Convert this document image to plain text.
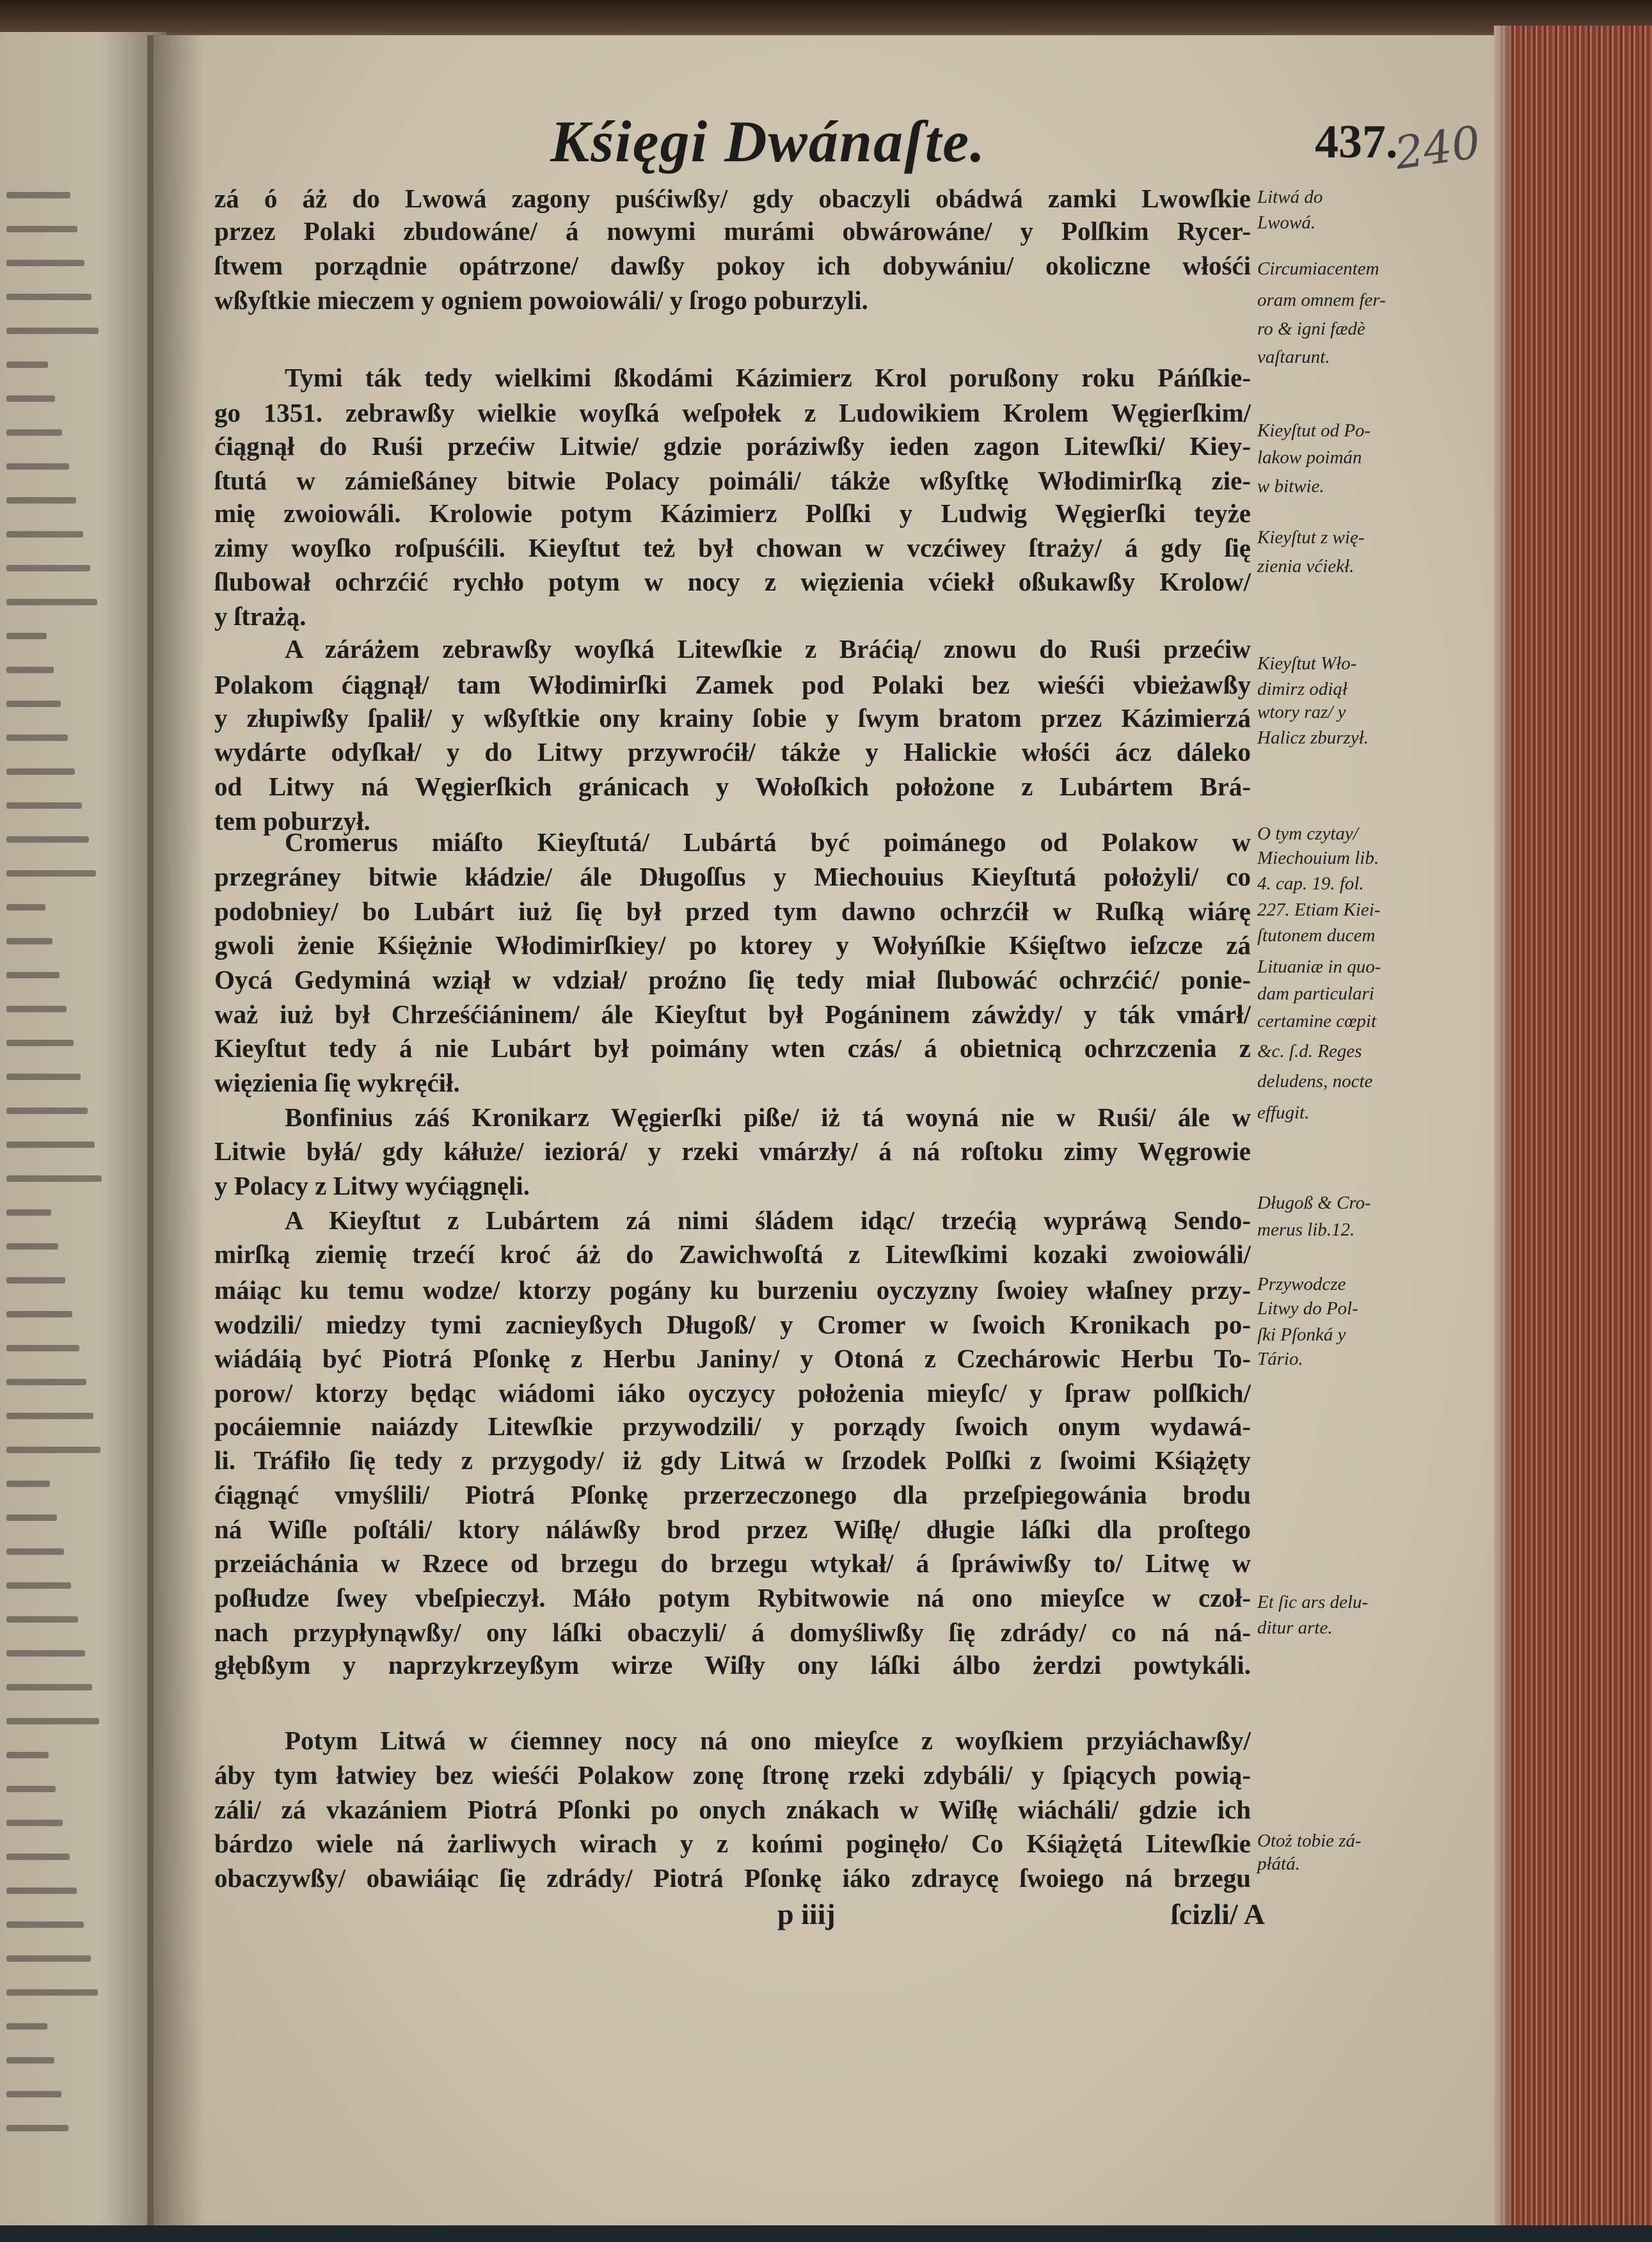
Kśięgi Dwánaſte.	437.
240
zá ó áż do Lwowá zagony puśćiwßy/ gdy obaczyli obádwá zamki Lwowſkie
przez Polaki zbudowáne/ á nowymi murámi obwárowáne/ y Polſkim Rycer-
ſtwem porządnie opátrzone/ dawßy pokoy ich dobywániu/ okoliczne włośći
wßyſtkie mieczem y ogniem powoiowáli/ y ſrogo poburzyli.
Tymi ták tedy wielkimi ßkodámi Kázimierz Krol porußony roku Páńſkie-
go 1351. zebrawßy wielkie woyſká weſpołek z Ludowikiem Krolem Węgierſkim/
ćiągnął do Ruśi przećiw Litwie/ gdzie poráziwßy ieden zagon Litewſki/ Kiey-
ſtutá w zámießáney bitwie Polacy poimáli/ tákże wßyſtkę Włodimirſką zie-
mię zwoiowáli. Krolowie potym Kázimierz Polſki y Ludwig Węgierſki teyże
zimy woyſko roſpuśćili. Kieyſtut też był chowan w vczćiwey ſtraży/ á gdy ſię
ſlubował ochrzćić rychło potym w nocy z więzienia vćiekł oßukawßy Krolow/
y ſtrażą.
A záráżem zebrawßy woyſká Litewſkie z Bráćią/ znowu do Ruśi przećiw
Polakom ćiągnął/ tam Włodimirſki Zamek pod Polaki bez wieśći vbieżawßy
y złupiwßy ſpalił/ y wßyſtkie ony krainy ſobie y ſwym bratom przez Kázimierzá
wydárte odyſkał/ y do Litwy przywroćił/ tákże y Halickie włośći ácz dáleko
od Litwy ná Węgierſkich gránicach y Wołoſkich położone z Lubártem Brá-
tem poburzył.
Cromerus miáſto Kieyſtutá/ Lubártá być poimánego od Polakow w
przegráney bitwie kłádzie/ ále Długoſſus y Miechouius Kieyſtutá położyli/ co
podobniey/ bo Lubárt iuż ſię był przed tym dawno ochrzćił w Ruſką wiárę
gwoli żenie Kśiężnie Włodimirſkiey/ po ktorey y Wołyńſkie Kśięſtwo ieſzcze zá
Oycá Gedyminá wziął w vdział/ proźno ſię tedy miał ſlubowáć ochrzćić/ ponie-
waż iuż był Chrześćiáninem/ ále Kieyſtut był Pogáninem záwżdy/ y ták vmárł/
Kieyſtut tedy á nie Lubárt był poimány wten czás/ á obietnicą ochrzczenia z
więzienia ſię wykręćił.
Bonfinius záś Kronikarz Węgierſki piße/ iż tá woyná nie w Ruśi/ ále w
Litwie byłá/ gdy káłuże/ ieziorá/ y rzeki vmárzły/ á ná roſtoku zimy Węgrowie
y Polacy z Litwy wyćiągnęli.
A Kieyſtut z Lubártem zá nimi śládem idąc/ trzećią wypráwą Sendo-
mirſką ziemię trzećí kroć áż do Zawichwoſtá z Litewſkimi kozaki zwoiowáli/
máiąc ku temu wodze/ ktorzy pogány ku burzeniu oyczyzny ſwoiey właſney przy-
wodzili/ miedzy tymi zacnieyßych Długoß/ y Cromer w ſwoich Kronikach po-
wiádáią być Piotrá Pſonkę z Herbu Janiny/ y Otoná z Czechárowic Herbu To-
porow/ ktorzy będąc wiádomi iáko oyczycy położenia mieyſc/ y ſpraw polſkich/
pocáiemnie naiázdy Litewſkie przywodzili/ y porządy ſwoich onym wydawá-
li. Tráfiło ſię tedy z przygody/ iż gdy Litwá w ſrzodek Polſki z ſwoimi Kśiążęty
ćiągnąć vmyślili/ Piotrá Pſonkę przerzeczonego dla przeſpiegowánia brodu
ná Wiſle poſtáli/ ktory náláwßy brod przez Wiſłę/ długie láſki dla proſtego
przeiáchánia w Rzece od brzegu do brzegu wtykał/ á ſpráwiwßy to/ Litwę w
poſłudze ſwey vbeſpieczył. Máło potym Rybitwowie ná ono mieyſce w czoł-
nach przypłynąwßy/ ony láſki obaczyli/ á domyśliwßy ſię zdrády/ co ná ná-
głębßym y naprzykrzeyßym wirze Wiſły ony láſki álbo żerdzi powtykáli.
Potym Litwá w ćiemney nocy ná ono mieyſce z woyſkiem przyiáchawßy/
áby tym łatwiey bez wieśći Polakow zonę ſtronę rzeki zdybáli/ y ſpiących powią-
záli/ zá vkazániem Piotrá Pſonki po onych znákach w Wiſłę wiácháli/ gdzie ich
bárdzo wiele ná żarliwych wirach y z końmi poginęło/ Co Kśiążętá Litewſkie
obaczywßy/ obawiáiąc ſię zdrády/ Piotrá Pſonkę iáko zdraycę ſwoiego ná brzegu
Litwá do
Lwowá.
Circumiacentem
oram omnem fer-
ro & igni fædè
vaſtarunt.
Kieyſtut od Po-
lakow poimán
w bitwie.
Kieyſtut z wię-
zienia vćiekł.
Kieyſtut Wło-
dimirz odiął
wtory raz/ y
Halicz zburzył.
O tym czytay/
Miechouium lib.
4. cap. 19. fol.
227. Etiam Kiei-
ſtutonem ducem
Lituaniæ in quo-
dam particulari
certamine cœpit
&c. ſ.d. Reges
deludens, nocte
effugit.
Długoß & Cro-
merus lib.12.
Przywodcze
Litwy do Pol-
ſki Pſonká y
Tário.
Et ſic ars delu-
ditur arte.
Otoż tobie zá-
płátá.
p iiij	ſcizli/ A
